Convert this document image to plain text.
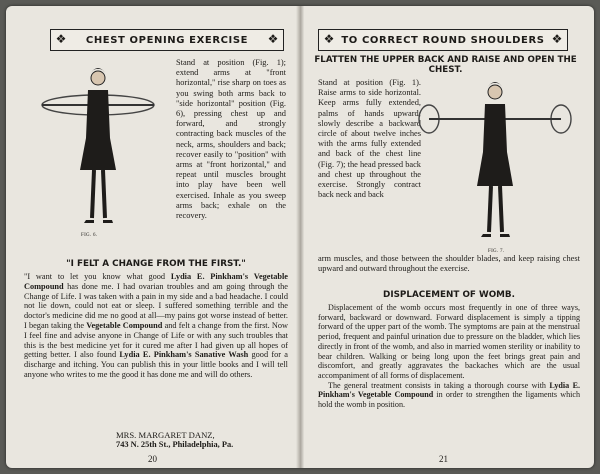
❖ CHEST OPENING EXERCISE ❖
FIG. 6.

Stand at position (Fig. 1); extend arms at "front horizontal," rise sharp on toes as you swing both arms back to "side horizontal" position (Fig. 6), pressing chest up and forward, and strongly contracting back muscles of the neck, arms, shoulders and back; recover easily to "position" with arms at "front horizontal," and repeat until muscles brought into play have been well exercised. Inhale as you sweep arms back; exhale on the recovery.

"I FELT A CHANGE FROM THE FIRST."

"I want to let you know what good Lydia E. Pinkham's Vegetable Compound has done me. I had ovarian troubles and am going through the Change of Life. I was taken with a pain in my side and a bad headache. I could not lie down, could not eat or sleep. I suffered something terrible and the doctor's medicine did me no good at all—my pains got worse instead of better. I began taking the Vegetable Compound and felt a change from the first. Now I feel fine and advise anyone in Change of Life or with any such troubles that this is the best medicine yet for it cured me after I had given up all hopes of getting better. I also found Lydia E. Pinkham's Sanative Wash good for a discharge and itching. You can publish this in your little books and I will tell anyone who writes to me the good it has done me and will do others.

MRS. MARGARET DANZ,
743 N. 25th St., Philadelphia, Pa.
20
❖ TO CORRECT ROUND SHOULDERS ❖
FLATTEN THE UPPER BACK AND RAISE AND OPEN THE CHEST.

Stand at position (Fig. 1). Raise arms to side horizontal. Keep arms fully extended, palms of hands upward; slowly describe a backward circle of about twelve inches with the arms fully extended and back of the chest line (Fig. 7); the head pressed back and chest up throughout the exercise. Strongly contract back neck and back

FIG. 7.

arm muscles, and those between the shoulder blades, and keep raising chest upward and outward throughout the exercise.

DISPLACEMENT OF WOMB.

Displacement of the womb occurs most frequently in one of three ways, forward, backward or downward. Forward displacement is simply a tipping forward of the upper part of the womb. The symptoms are pain at the menstrual period, frequent and painful urination due to pressure on the bladder, which lies directly in front of the womb, and also in married women sterility or inability to bear children. Walking or being long upon the feet brings great pain and discomfort, and greatly aggravates the backaches which are the usual accompaniment of all forms of displacement.

The general treatment consists in taking a thorough course with Lydia E. Pinkham's Vegetable Compound in order to strengthen the ligaments which hold the womb in position.

21
